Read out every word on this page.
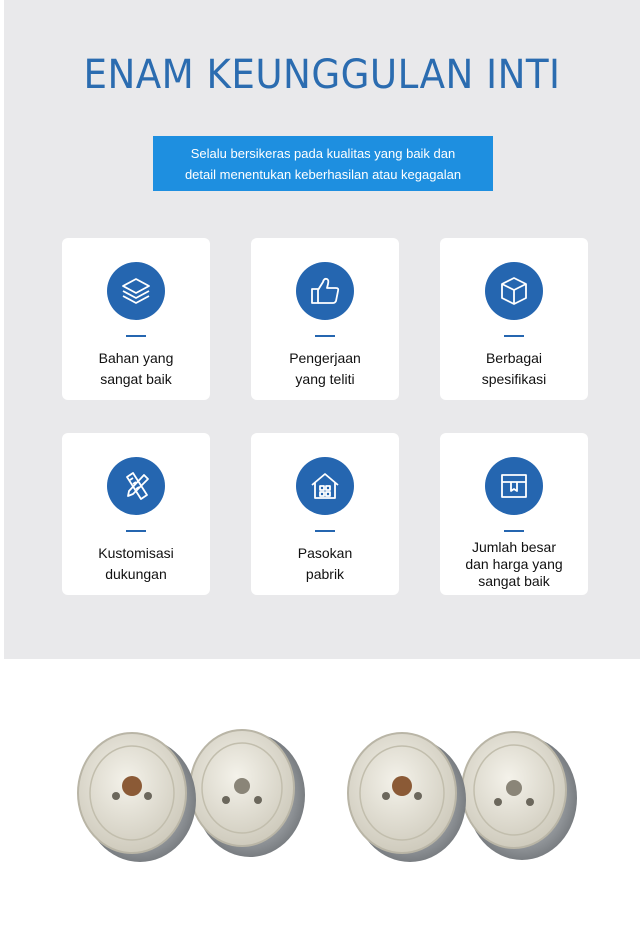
ENAM KEUNGGULAN INTI
Selalu bersikeras pada kualitas yang baik dan
detail menentukan keberhasilan atau kegagalan
Bahan yang
sangat baik
Pengerjaan
yang teliti
Berbagai
spesifikasi
Kustomisasi
dukungan
Pasokan
pabrik
Jumlah besar
dan harga yang
sangat baik
